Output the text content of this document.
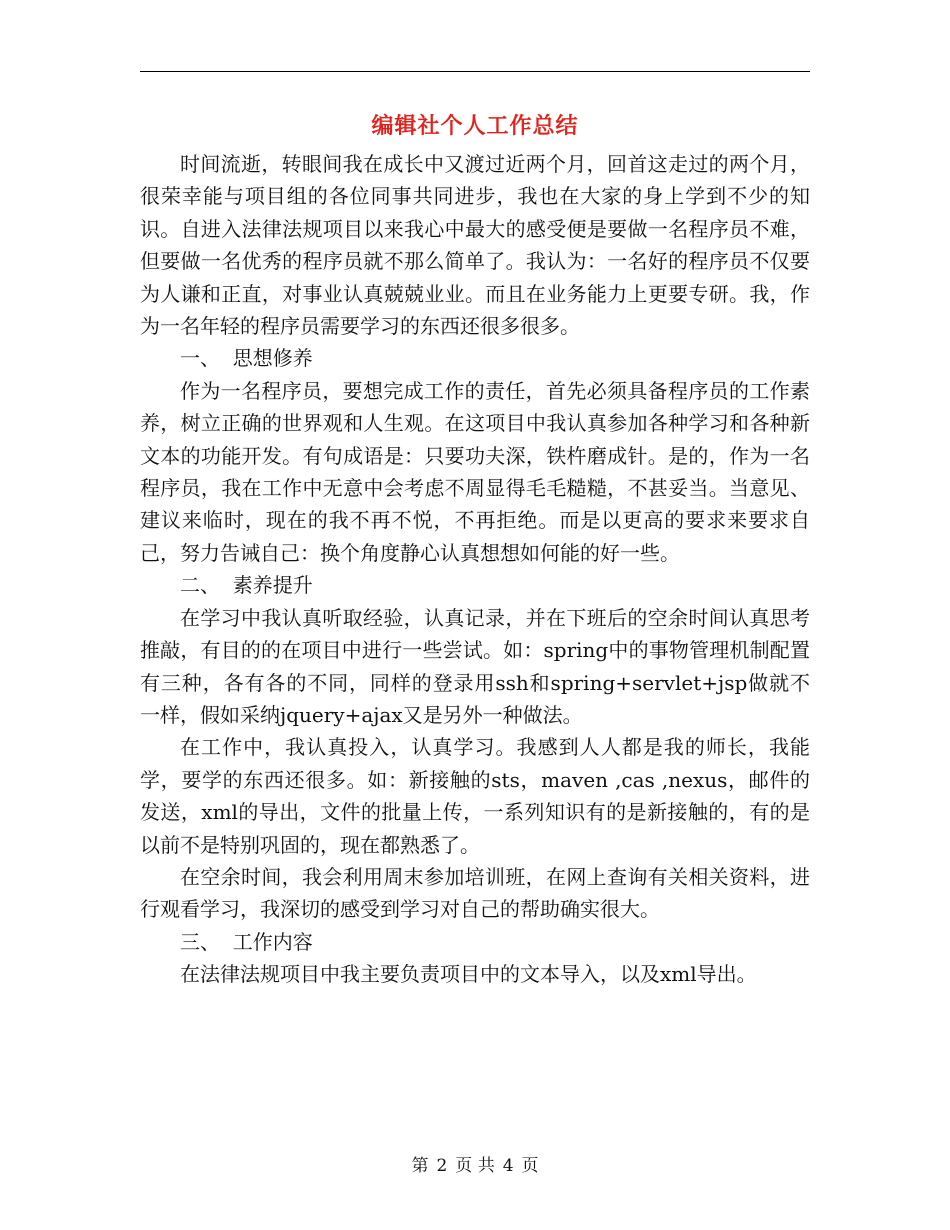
编辑社个人工作总结

时间流逝，转眼间我在成长中又渡过近两个月，回首这走过的两个月，很荣幸能与项目组的各位同事共同进步，我也在大家的身上学到不少的知识。自进入法律法规项目以来我心中最大的感受便是要做一名程序员不难，但要做一名优秀的程序员就不那么简单了。我认为：一名好的程序员不仅要为人谦和正直，对事业认真兢兢业业。而且在业务能力上更要专研。我，作为一名年轻的程序员需要学习的东西还很多很多。

一、  思想修养

作为一名程序员，要想完成工作的责任，首先必须具备程序员的工作素养，树立正确的世界观和人生观。在这项目中我认真参加各种学习和各种新文本的功能开发。有句成语是：只要功夫深，铁杵磨成针。是的，作为一名程序员，我在工作中无意中会考虑不周显得毛毛糙糙，不甚妥当。当意见、建议来临时，现在的我不再不悦，不再拒绝。而是以更高的要求来要求自己，努力告诫自己：换个角度静心认真想想如何能的好一些。

二、  素养提升

在学习中我认真听取经验，认真记录，并在下班后的空余时间认真思考推敲，有目的的在项目中进行一些尝试。如：spring中的事物管理机制配置有三种，各有各的不同，同样的登录用ssh和spring+servlet+jsp做就不一样，假如采纳jquery+ajax又是另外一种做法。

在工作中，我认真投入，认真学习。我感到人人都是我的师长，我能学，要学的东西还很多。如：新接触的sts，maven ,cas ,nexus，邮件的发送，xml的导出，文件的批量上传，一系列知识有的是新接触的，有的是以前不是特别巩固的，现在都熟悉了。

在空余时间，我会利用周末参加培训班，在网上查询有关相关资料，进行观看学习，我深切的感受到学习对自己的帮助确实很大。

三、  工作内容

在法律法规项目中我主要负责项目中的文本导入，以及xml导出。

第 2 页 共 4 页
